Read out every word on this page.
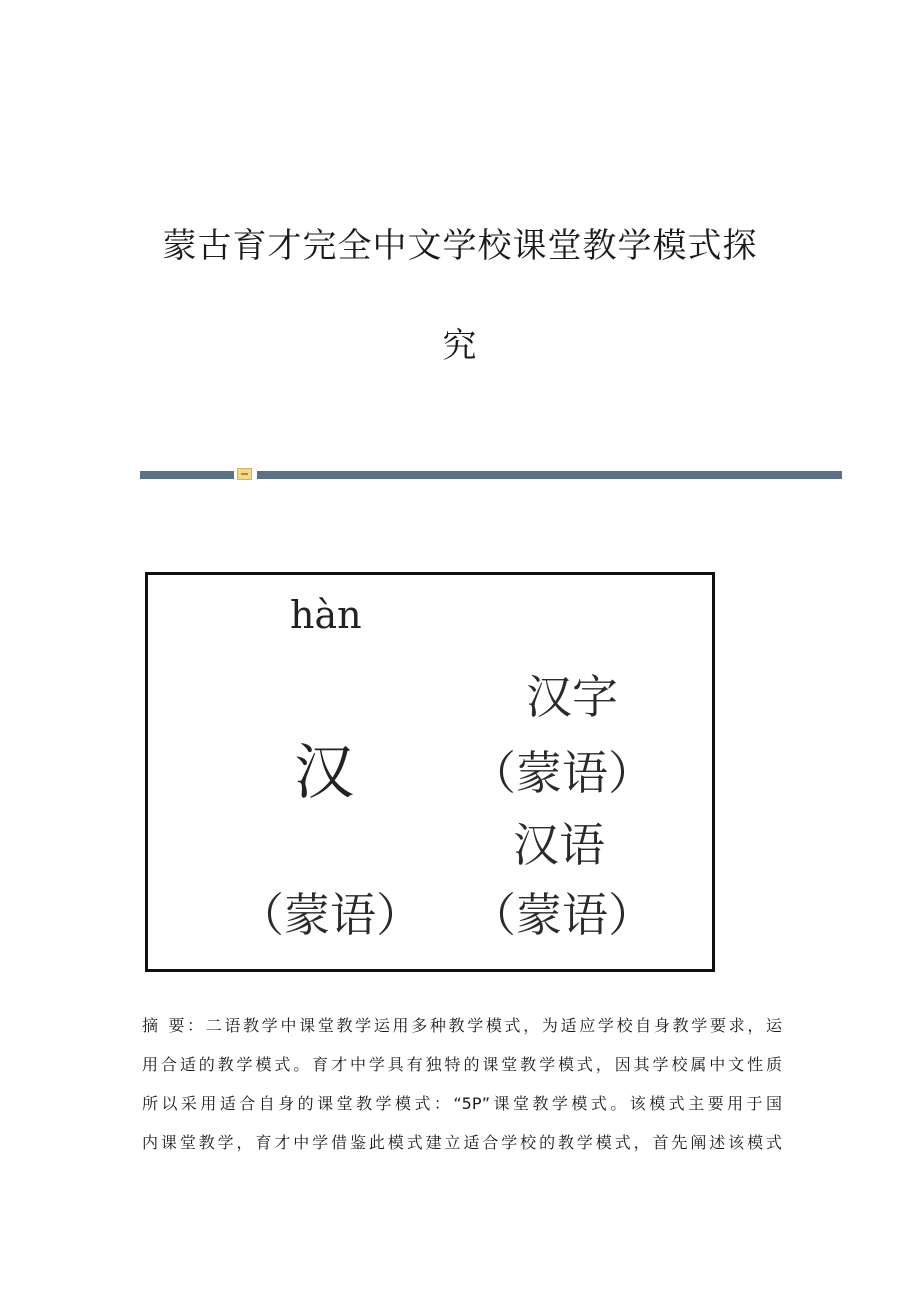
蒙古育才完全中文学校课堂教学模式探
究
hàn
汉
汉字
（蒙语）
汉语
（蒙语） （蒙语）
摘 要：二语教学中课堂教学运用多种教学模式，为适应学校自身教学要求，运
用合适的教学模式。育才中学具有独特的课堂教学模式，因其学校属中文性质
所以采用适合自身的课堂教学模式：“5P”课堂教学模式。该模式主要用于国
内课堂教学，育才中学借鉴此模式建立适合学校的教学模式，首先阐述该模式
